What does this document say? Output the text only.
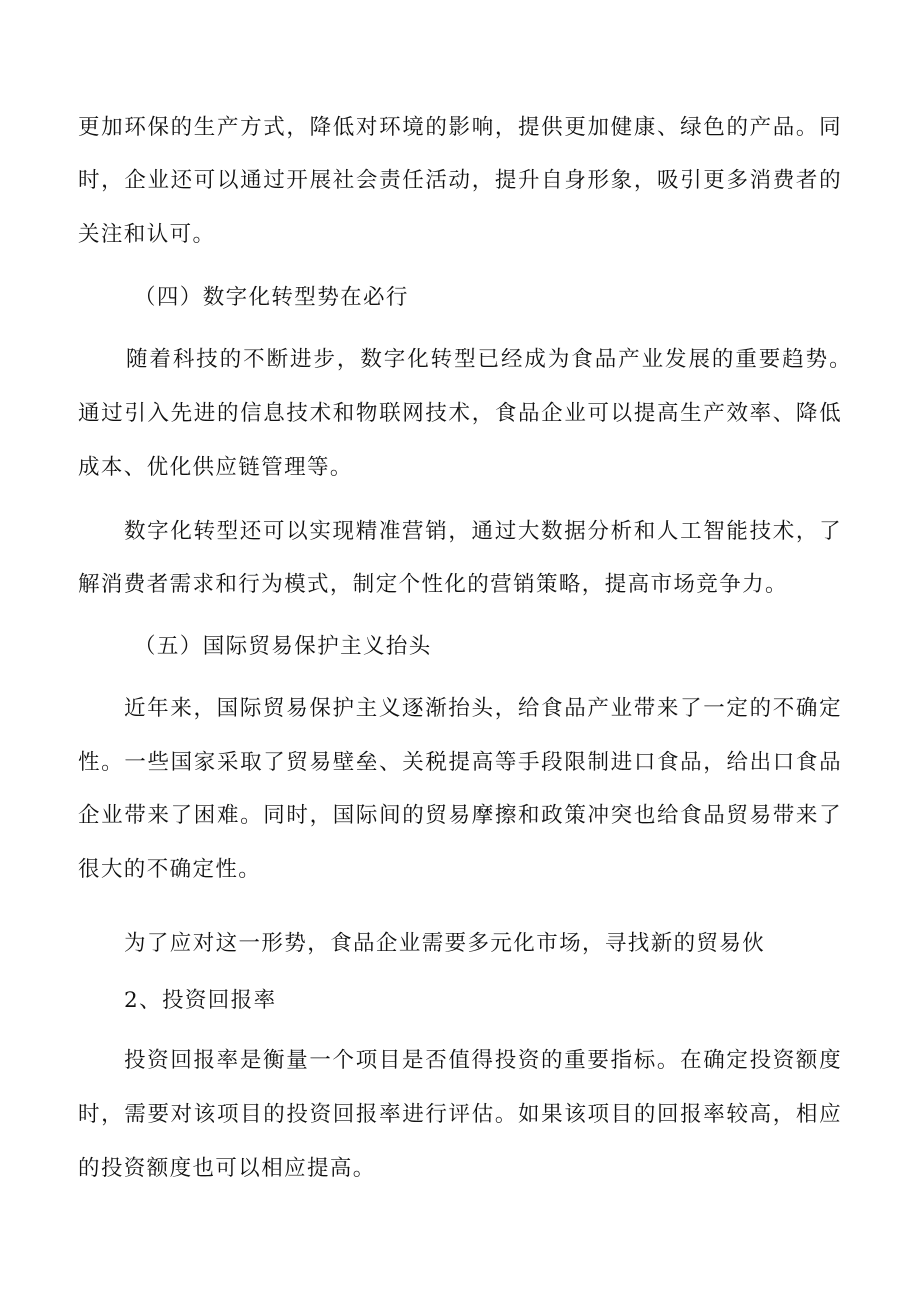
更加环保的生产方式，降低对环境的影响，提供更加健康、绿色的产品。同
时，企业还可以通过开展社会责任活动，提升自身形象，吸引更多消费者的
关注和认可。
（四）数字化转型势在必行
随着科技的不断进步，数字化转型已经成为食品产业发展的重要趋势。
通过引入先进的信息技术和物联网技术，食品企业可以提高生产效率、降低
成本、优化供应链管理等。
数字化转型还可以实现精准营销，通过大数据分析和人工智能技术，了
解消费者需求和行为模式，制定个性化的营销策略，提高市场竞争力。
（五）国际贸易保护主义抬头
近年来，国际贸易保护主义逐渐抬头，给食品产业带来了一定的不确定
性。一些国家采取了贸易壁垒、关税提高等手段限制进口食品，给出口食品
企业带来了困难。同时，国际间的贸易摩擦和政策冲突也给食品贸易带来了
很大的不确定性。
为了应对这一形势，食品企业需要多元化市场，寻找新的贸易伙
2、投资回报率
投资回报率是衡量一个项目是否值得投资的重要指标。在确定投资额度
时，需要对该项目的投资回报率进行评估。如果该项目的回报率较高，相应
的投资额度也可以相应提高。
